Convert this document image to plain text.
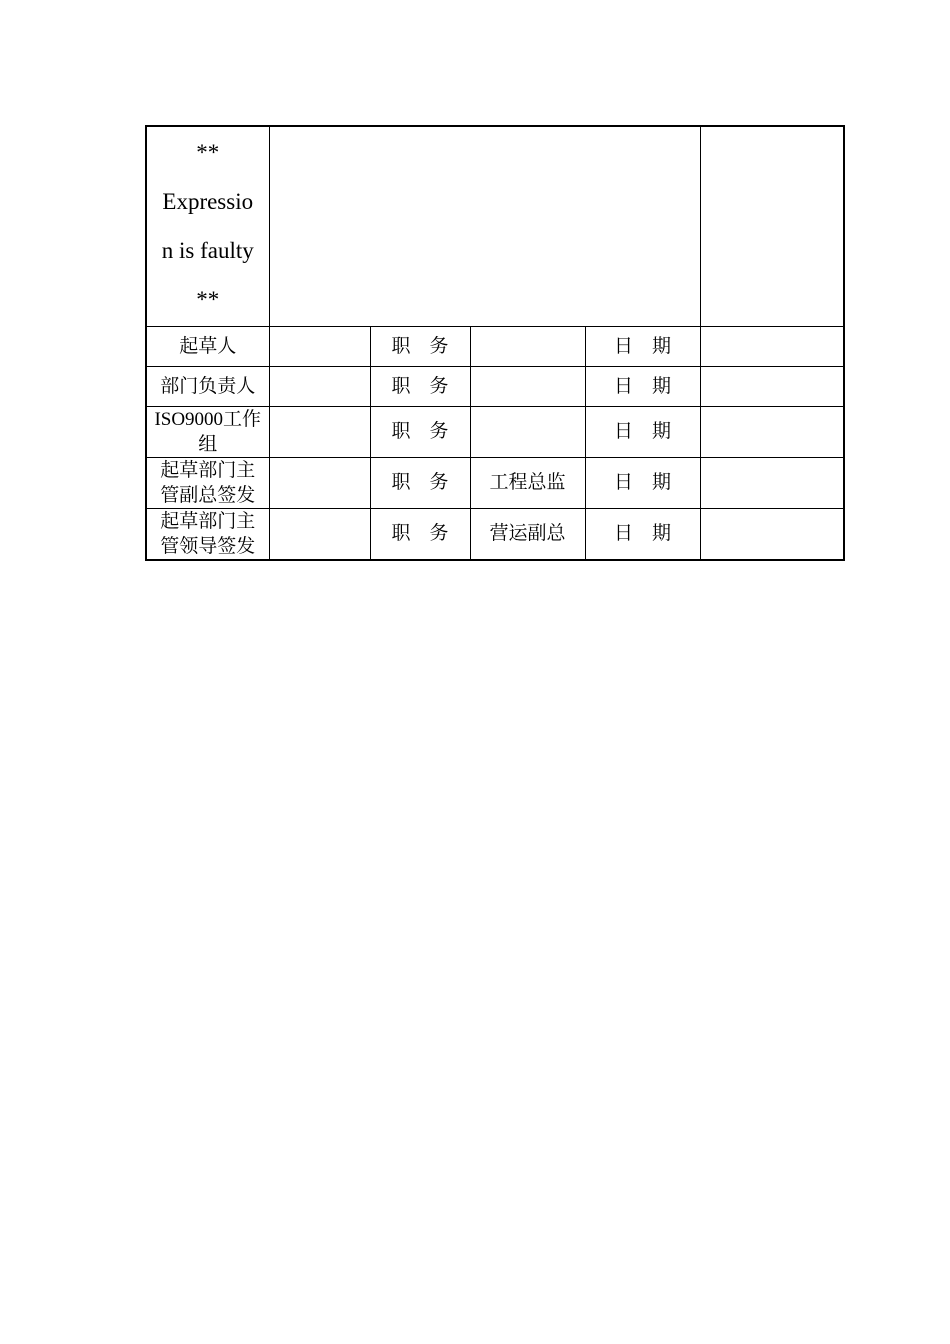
**
Expressio
n is faulty
**					

起草人		职　务		日　期	
部门负责人		职　务		日　期	
ISO9000工作组		职　务		日　期	
起草部门主管副总签发		职　务	工程总监	日　期	
起草部门主管领导签发		职　务	营运副总	日　期	
